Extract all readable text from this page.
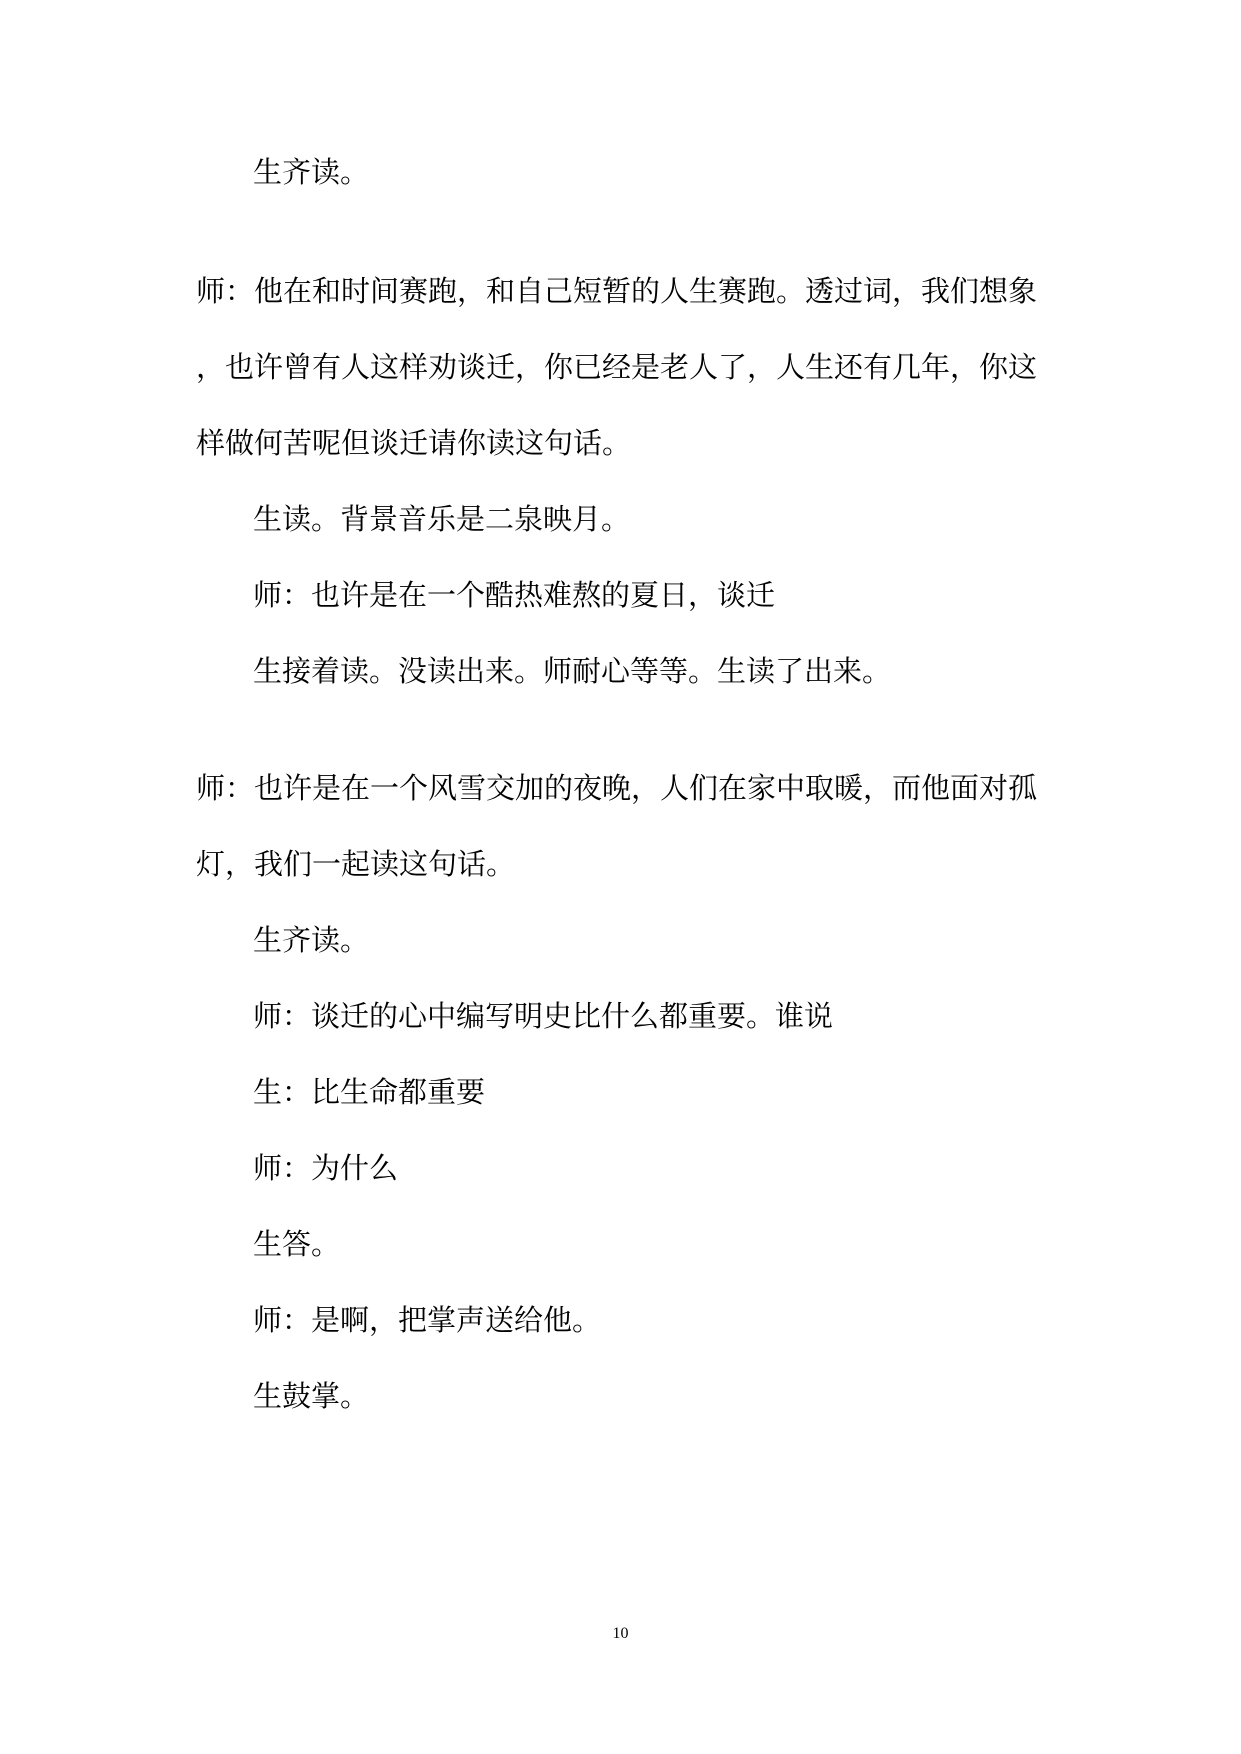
生齐读。

师：他在和时间赛跑，和自己短暂的人生赛跑。透过词，我们想象

，也许曾有人这样劝谈迁，你已经是老人了，人生还有几年，你这

样做何苦呢但谈迁请你读这句话。

生读。背景音乐是二泉映月。

师：也许是在一个酷热难熬的夏日，谈迁

生接着读。没读出来。师耐心等等。生读了出来。

师：也许是在一个风雪交加的夜晚，人们在家中取暖，而他面对孤

灯，我们一起读这句话。

生齐读。

师：谈迁的心中编写明史比什么都重要。谁说

生：比生命都重要

师：为什么

生答。

师：是啊，把掌声送给他。

生鼓掌。

10
